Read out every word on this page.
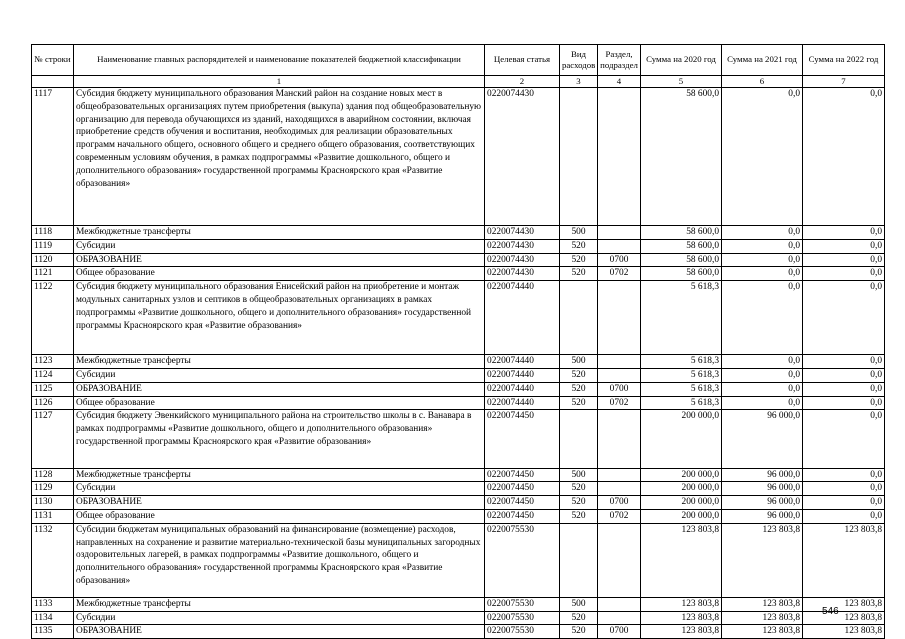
№ строки	Наименование главных распорядителей и наименование показателей бюджетной классификации	Целевая статья	Вид расходов	Раздел, подраздел	Сумма на 2020 год	Сумма на 2021 год	Сумма на 2022 год
	1	2	3	4	5	6	7
1117	Субсидия бюджету муниципального образования Манский район на создание новых мест в общеобразовательных организациях путем приобретения (выкупа) здания под общеобразовательную организацию для перевода обучающихся из зданий, находящихся в аварийном состоянии, включая приобретение средств обучения и воспитания, необходимых для реализации образовательных программ начального общего, основного общего и среднего общего образования, соответствующих современным условиям обучения, в рамках подпрограммы «Развитие дошкольного, общего и дополнительного образования» государственной программы Красноярского края «Развитие образования»	0220074430			58 600,0	0,0	0,0
1118	Межбюджетные трансферты	0220074430	500		58 600,0	0,0	0,0
1119	Субсидии	0220074430	520		58 600,0	0,0	0,0
1120	ОБРАЗОВАНИЕ	0220074430	520	0700	58 600,0	0,0	0,0
1121	Общее образование	0220074430	520	0702	58 600,0	0,0	0,0
1122	Субсидия бюджету муниципального образования Енисейский район на приобретение и монтаж модульных санитарных узлов и септиков в общеобразовательных организациях в рамках подпрограммы «Развитие дошкольного, общего и дополнительного образования» государственной программы Красноярского края «Развитие образования»	0220074440			5 618,3	0,0	0,0
1123	Межбюджетные трансферты	0220074440	500		5 618,3	0,0	0,0
1124	Субсидии	0220074440	520		5 618,3	0,0	0,0
1125	ОБРАЗОВАНИЕ	0220074440	520	0700	5 618,3	0,0	0,0
1126	Общее образование	0220074440	520	0702	5 618,3	0,0	0,0
1127	Субсидия бюджету Эвенкийского муниципального района на строительство школы в с. Ванавара в рамках подпрограммы «Развитие дошкольного, общего и дополнительного образования» государственной программы Красноярского края «Развитие образования»	0220074450			200 000,0	96 000,0	0,0
1128	Межбюджетные трансферты	0220074450	500		200 000,0	96 000,0	0,0
1129	Субсидии	0220074450	520		200 000,0	96 000,0	0,0
1130	ОБРАЗОВАНИЕ	0220074450	520	0700	200 000,0	96 000,0	0,0
1131	Общее образование	0220074450	520	0702	200 000,0	96 000,0	0,0
1132	Субсидии бюджетам муниципальных образований на финансирование (возмещение) расходов, направленных на сохранение и развитие материально-технической базы муниципальных загородных оздоровительных лагерей, в рамках подпрограммы «Развитие дошкольного, общего и дополнительного образования» государственной программы Красноярского края «Развитие образования»	0220075530			123 803,8	123 803,8	123 803,8
1133	Межбюджетные трансферты	0220075530	500		123 803,8	123 803,8	123 803,8
1134	Субсидии	0220075530	520		123 803,8	123 803,8	123 803,8
1135	ОБРАЗОВАНИЕ	0220075530	520	0700	123 803,8	123 803,8	123 803,8
546
